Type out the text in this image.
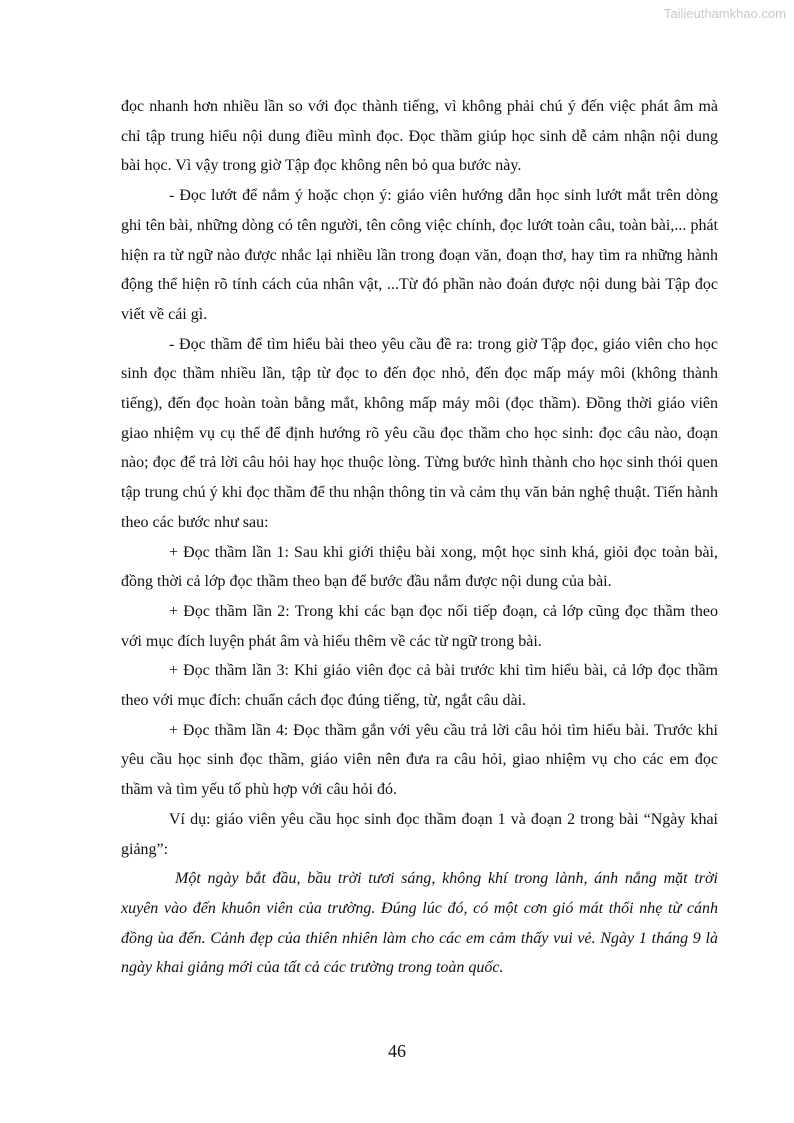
Tailieuthamkhao.com

đọc nhanh hơn nhiều lần so với đọc thành tiếng, vì không phải chú ý đến việc phát âm mà chỉ tập trung hiểu nội dung điều mình đọc. Đọc thầm giúp học sinh dễ cảm nhận nội dung bài học. Vì vậy trong giờ Tập đọc không nên bỏ qua bước này.

- Đọc lướt để nắm ý hoặc chọn ý: giáo viên hướng dẫn học sinh lướt mắt trên dòng ghi tên bài, những dòng có tên người, tên công việc chính, đọc lướt toàn câu, toàn bài,... phát hiện ra từ ngữ nào được nhắc lại nhiều lần trong đoạn văn, đoạn thơ, hay tìm ra những hành động thể hiện rõ tính cách của nhân vật, ...Từ đó phần nào đoán được nội dung bài Tập đọc viết về cái gì.

- Đọc thầm để tìm hiểu bài theo yêu cầu đề ra: trong giờ Tập đọc, giáo viên cho học sinh đọc thầm nhiều lần, tập từ đọc to đến đọc nhỏ, đến đọc mấp máy môi (không thành tiếng), đến đọc hoàn toàn bằng mắt, không mấp máy môi (đọc thầm). Đồng thời giáo viên giao nhiệm vụ cụ thể để định hướng rõ yêu cầu đọc thầm cho học sinh: đọc câu nào, đoạn nào; đọc để trả lời câu hỏi hay học thuộc lòng. Từng bước hình thành cho học sinh thói quen tập trung chú ý khi đọc thầm để thu nhận thông tin và cảm thụ văn bản nghệ thuật. Tiến hành theo các bước như sau:

+ Đọc thầm lần 1: Sau khi giới thiệu bài xong, một học sinh khá, giỏi đọc toàn bài, đồng thời cả lớp đọc thầm theo bạn để bước đầu nắm được nội dung của bài.

+ Đọc thầm lần 2: Trong khi các bạn đọc nối tiếp đoạn, cả lớp cũng đọc thầm theo với mục đích luyện phát âm và hiểu thêm về các từ ngữ trong bài.

+ Đọc thầm lần 3: Khi giáo viên đọc cả bài trước khi tìm hiểu bài, cả lớp đọc thầm theo với mục đích: chuẩn cách đọc đúng tiếng, từ, ngắt câu dài.

+ Đọc thầm lần 4: Đọc thầm gắn với yêu cầu trả lời câu hỏi tìm hiểu bài. Trước khi yêu cầu học sinh đọc thầm, giáo viên nên đưa ra câu hỏi, giao nhiệm vụ cho các em đọc thầm và tìm yếu tố phù hợp với câu hỏi đó.

Ví dụ: giáo viên yêu cầu học sinh đọc thầm đoạn 1 và đoạn 2 trong bài “Ngày khai giảng”:

Một ngày bắt đầu, bầu trời tươi sáng, không khí trong lành, ánh nắng mặt trời xuyên vào đến khuôn viên của trường. Đúng lúc đó, có một cơn gió mát thổi nhẹ từ cánh đồng ùa đến. Cảnh đẹp của thiên nhiên làm cho các em cảm thấy vui vẻ. Ngày 1 tháng 9 là ngày khai giảng mới của tất cả các trường trong toàn quốc.

46
